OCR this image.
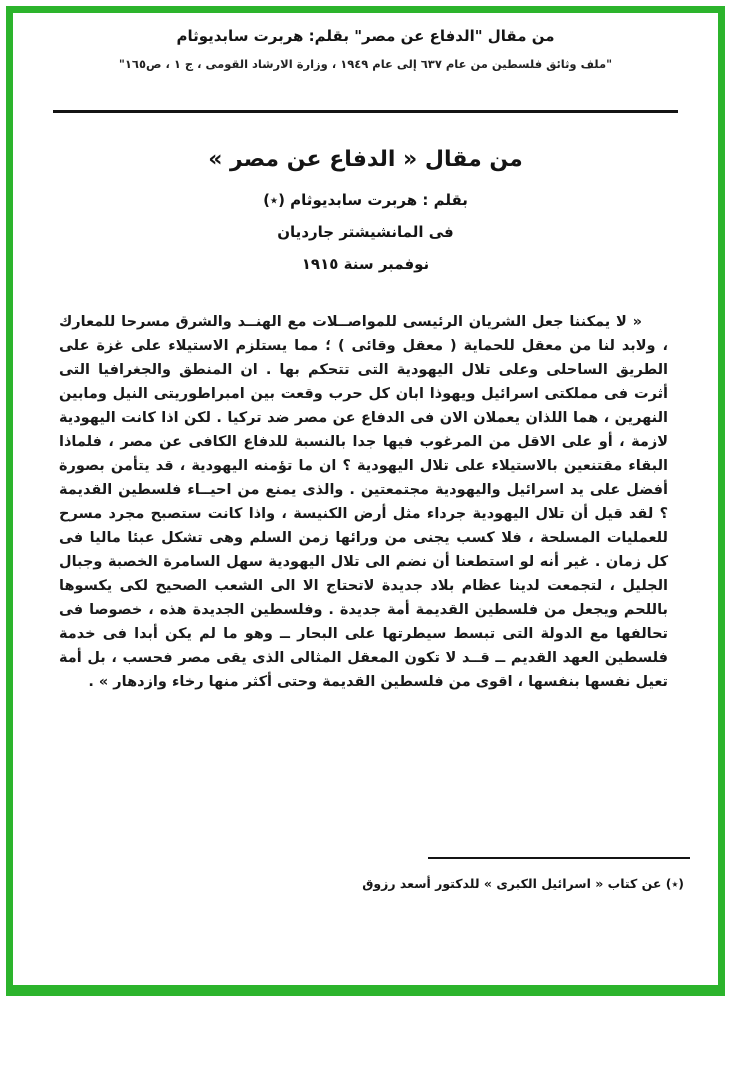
من مقال "الدفاع عن مصر" بقلم: هربرت سابديوثام
"ملف وثائق فلسطين من عام ٦٣٧ إلى عام ١٩٤٩ ، وزارة الارشاد القومى ، ج ١ ، ص١٦٥"
من مقال « الدفاع عن مصر »
بقلم : هربرت سابديوثام (٭)
فى المانشيشتر جارديان
نوفمبر سنة ١٩١٥
« لا يمكننا جعل الشريان الرئيسى للمواصــلات مع الهنــد والشرق مسرحا للمعارك ، ولابد لنا من معقل للحماية ( معقل وقائى ) ؛ مما يستلزم الاستيلاء على غزة على الطريق الساحلى وعلى تلال اليهودية التى تتحكم بها . ان المنطق والجغرافيا التى أثرت فى مملكتى اسرائيل ويهوذا ابان كل حرب وقعت بين امبراطوريتى النيل ومابين النهرين ، هما اللذان يعملان الان فى الدفاع عن مصر ضد تركيا . لكن اذا كانت اليهودية لازمة ، أو على الاقل من المرغوب فيها جدا بالنسبة للدفاع الكافى عن مصر ، فلماذا البقاء مقتنعين بالاستيلاء على تلال اليهودية ؟ ان ما تؤمنه اليهودية ، قد يتأمن بصورة أفضل على يد اسرائيل واليهودية مجتمعتين . والذى يمنع من احيــاء فلسطين القديمة ؟ لقد قيل أن تلال اليهودية جرداء مثل أرض الكنيسة ، واذا كانت ستصبح مجرد مسرح للعمليات المسلحة ، فلا كسب يجنى من ورائها زمن السلم وهى تشكل عبئا ماليا فى كل زمان . غير أنه لو استطعنا أن نضم الى تلال اليهودية سهل السامرة الخصبة وجبال الجليل ، لتجمعت لدينا عظام بلاد جديدة لاتحتاج الا الى الشعب الصحيح لكى يكسوها باللحم ويجعل من فلسطين القديمة أمة جديدة . وفلسطين الجديدة هذه ، خصوصا فى تحالفها مع الدولة التى تبسط سيطرتها على البحار ــ وهو ما لم يكن أبدا فى خدمة فلسطين العهد القديم ــ قــد لا تكون المعقل المثالى الذى يقى مصر فحسب ، بل أمة تعيل نفسها بنفسها ، اقوى من فلسطين القديمة وحتى أكثر منها رخاء وازدهار » .
(٭) عن كتاب « اسرائيل الكبرى » للدكتور أسعد رزوق
